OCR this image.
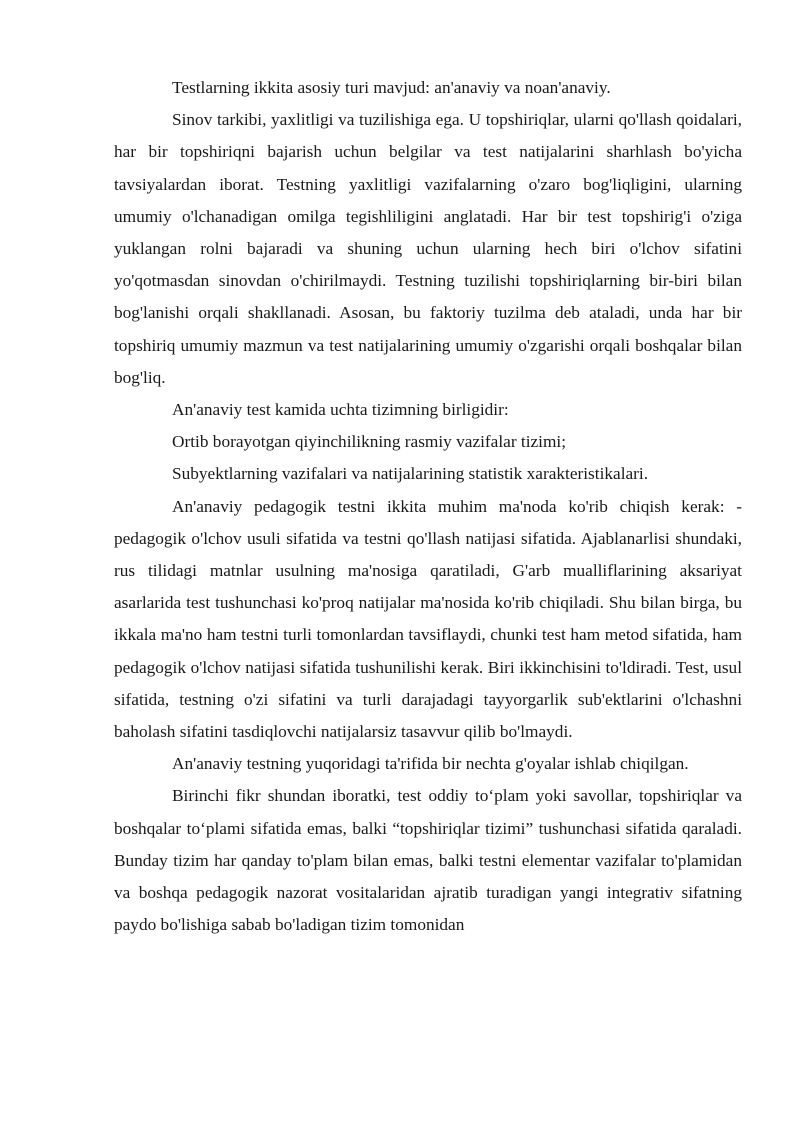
Testlarning ikkita asosiy turi mavjud: an'anaviy va noan'anaviy.

Sinov tarkibi, yaxlitligi va tuzilishiga ega. U topshiriqlar, ularni qo'llash qoidalari, har bir topshiriqni bajarish uchun belgilar va test natijalarini sharhlash bo'yicha tavsiyalardan iborat. Testning yaxlitligi vazifalarning o'zaro bog'liqligini, ularning umumiy o'lchanadigan omilga tegishliligini anglatadi. Har bir test topshirig'i o'ziga yuklangan rolni bajaradi va shuning uchun ularning hech biri o'lchov sifatini yo'qotmasdan sinovdan o'chirilmaydi. Testning tuzilishi topshiriqlarning bir-biri bilan bog'lanishi orqali shakllanadi. Asosan, bu faktoriy tuzilma deb ataladi, unda har bir topshiriq umumiy mazmun va test natijalarining umumiy o'zgarishi orqali boshqalar bilan bog'liq.

An'anaviy test kamida uchta tizimning birligidir:

Ortib borayotgan qiyinchilikning rasmiy vazifalar tizimi;

Subyektlarning vazifalari va natijalarining statistik xarakteristikalari.

An'anaviy pedagogik testni ikkita muhim ma'noda ko'rib chiqish kerak: - pedagogik o'lchov usuli sifatida va testni qo'llash natijasi sifatida. Ajablanarlisi shundaki, rus tilidagi matnlar usulning ma'nosiga qaratiladi, G'arb mualliflarining aksariyat asarlarida test tushunchasi ko'proq natijalar ma'nosida ko'rib chiqiladi. Shu bilan birga, bu ikkala ma'no ham testni turli tomonlardan tavsiflaydi, chunki test ham metod sifatida, ham pedagogik o'lchov natijasi sifatida tushunilishi kerak. Biri ikkinchisini to'ldiradi. Test, usul sifatida, testning o'zi sifatini va turli darajadagi tayyorgarlik sub'ektlarini o'lchashni baholash sifatini tasdiqlovchi natijalarsiz tasavvur qilib bo'lmaydi.

An'anaviy testning yuqoridagi ta'rifida bir nechta g'oyalar ishlab chiqilgan.

Birinchi fikr shundan iboratki, test oddiy to‘plam yoki savollar, topshiriqlar va boshqalar to‘plami sifatida emas, balki “topshiriqlar tizimi” tushunchasi sifatida qaraladi. Bunday tizim har qanday to'plam bilan emas, balki testni elementar vazifalar to'plamidan va boshqa pedagogik nazorat vositalaridan ajratib turadigan yangi integrativ sifatning paydo bo'lishiga sabab bo'ladigan tizim tomonidan
